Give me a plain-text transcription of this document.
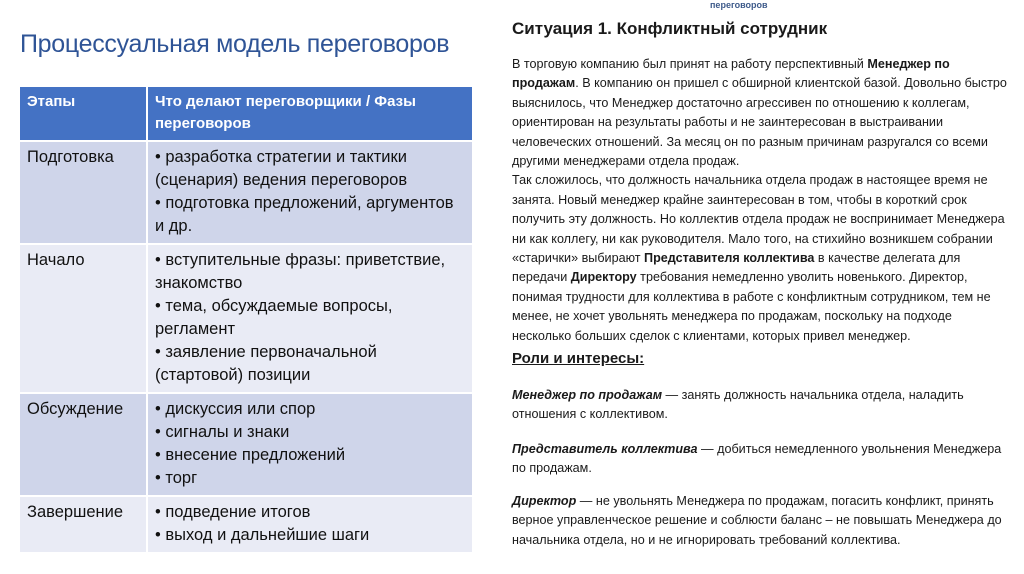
Процессуальная модель переговоров
Этапы	Что делают переговорщики / Фазы переговоров
Подготовка	• разработка стратегии и тактики (сценария) ведения переговоров
• подготовка предложений, аргументов и др.

Начало	• вступительные фразы: приветствие, знакомство
• тема, обсуждаемые вопросы, регламент
• заявление первоначальной (стартовой) позиции

Обсуждение	• дискуссия или спор
• сигналы и знаки
• внесение предложений
• торг

Завершение	• подведение итогов
• выход и дальнейшие шаги
переговоров
Ситуация 1. Конфликтный сотрудник
В торговую компанию был принят на работу перспективный Менеджер по продажам. В компанию он пришел с обширной клиентской базой. Довольно быстро выяснилось, что Менеджер достаточно агрессивен по отношению к коллегам, ориентирован на результаты работы и не заинтересован в выстраивании человеческих отношений. За месяц он по разным причинам разругался со всеми другими менеджерами отдела продаж.
Так сложилось, что должность начальника отдела продаж в настоящее время не занята. Новый менеджер крайне заинтересован в том, чтобы в короткий срок получить эту должность. Но коллектив отдела продаж не воспринимает Менеджера ни как коллегу, ни как руководителя. Мало того, на стихийно возникшем собрании «старички» выбирают Представителя коллектива в качестве делегата для передачи Директору требования немедленно уволить новенького. Директор, понимая трудности для коллектива в работе с конфликтным сотрудником, тем не менее, не хочет увольнять менеджера по продажам, поскольку на подходе несколько больших сделок с клиентами, которых привел менеджер.
Роли и интересы:
Менеджер по продажам — занять должность начальника отдела, наладить отношения с коллективом.
Представитель коллектива — добиться немедленного увольнения Менеджера по продажам.
Директор — не увольнять Менеджера по продажам, погасить конфликт, принять верное управленческое решение и соблюсти баланс – не повышать Менеджера до начальника отдела, но и не игнорировать требований коллектива.
